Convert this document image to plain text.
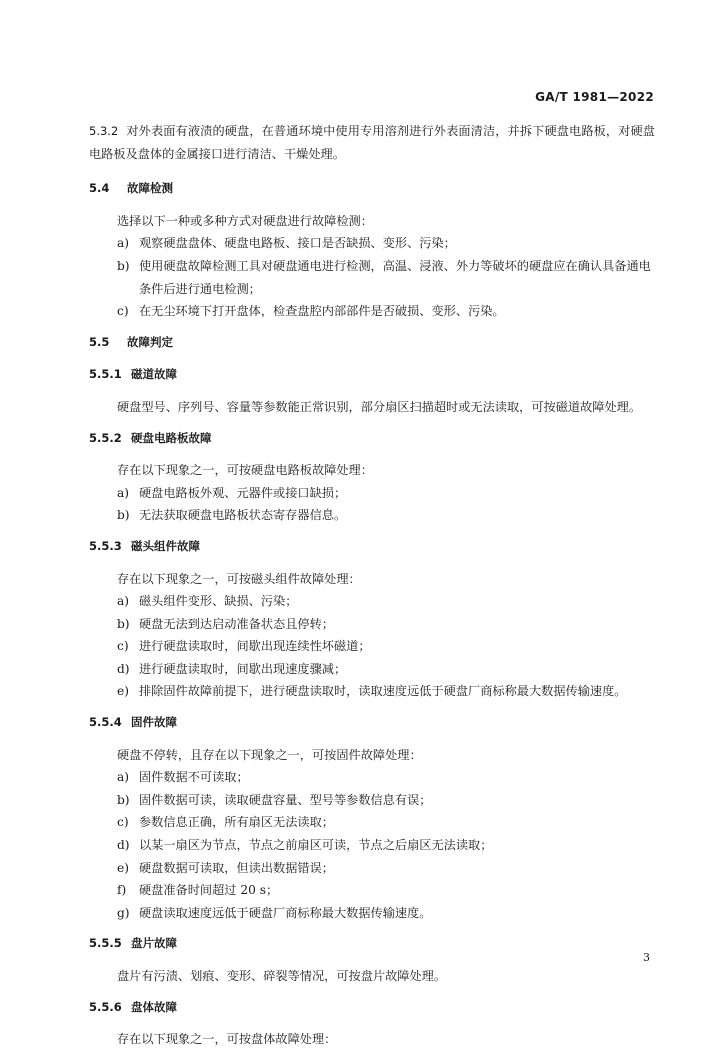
GA/T 1981—2022
5.3.2 对外表面有液渍的硬盘，在普通环境中使用专用溶剂进行外表面清洁，并拆下硬盘电路板，对硬盘电路板及盘体的金属接口进行清洁、干燥处理。
5.4 故障检测
选择以下一种或多种方式对硬盘进行故障检测：
a) 观察硬盘盘体、硬盘电路板、接口是否缺损、变形、污染；
b) 使用硬盘故障检测工具对硬盘通电进行检测，高温、浸液、外力等破坏的硬盘应在确认具备通电条件后进行通电检测；
c) 在无尘环境下打开盘体，检查盘腔内部部件是否破损、变形、污染。
5.5 故障判定
5.5.1 磁道故障
硬盘型号、序列号、容量等参数能正常识别，部分扇区扫描超时或无法读取，可按磁道故障处理。
5.5.2 硬盘电路板故障
存在以下现象之一，可按硬盘电路板故障处理：
a) 硬盘电路板外观、元器件或接口缺损；
b) 无法获取硬盘电路板状态寄存器信息。
5.5.3 磁头组件故障
存在以下现象之一，可按磁头组件故障处理：
a) 磁头组件变形、缺损、污染；
b) 硬盘无法到达启动准备状态且停转；
c) 进行硬盘读取时，间歇出现连续性坏磁道；
d) 进行硬盘读取时，间歇出现速度骤减；
e) 排除固件故障前提下，进行硬盘读取时，读取速度远低于硬盘厂商标称最大数据传输速度。
5.5.4 固件故障
硬盘不停转，且存在以下现象之一，可按固件故障处理：
a) 固件数据不可读取；
b) 固件数据可读，读取硬盘容量、型号等参数信息有误；
c) 参数信息正确，所有扇区无法读取；
d) 以某一扇区为节点，节点之前扇区可读，节点之后扇区无法读取；
e) 硬盘数据可读取，但读出数据错误；
f) 硬盘准备时间超过 20 s；
g) 硬盘读取速度远低于硬盘厂商标称最大数据传输速度。
5.5.5 盘片故障
盘片有污渍、划痕、变形、碎裂等情况，可按盘片故障处理。
5.5.6 盘体故障
存在以下现象之一，可按盘体故障处理：
3
